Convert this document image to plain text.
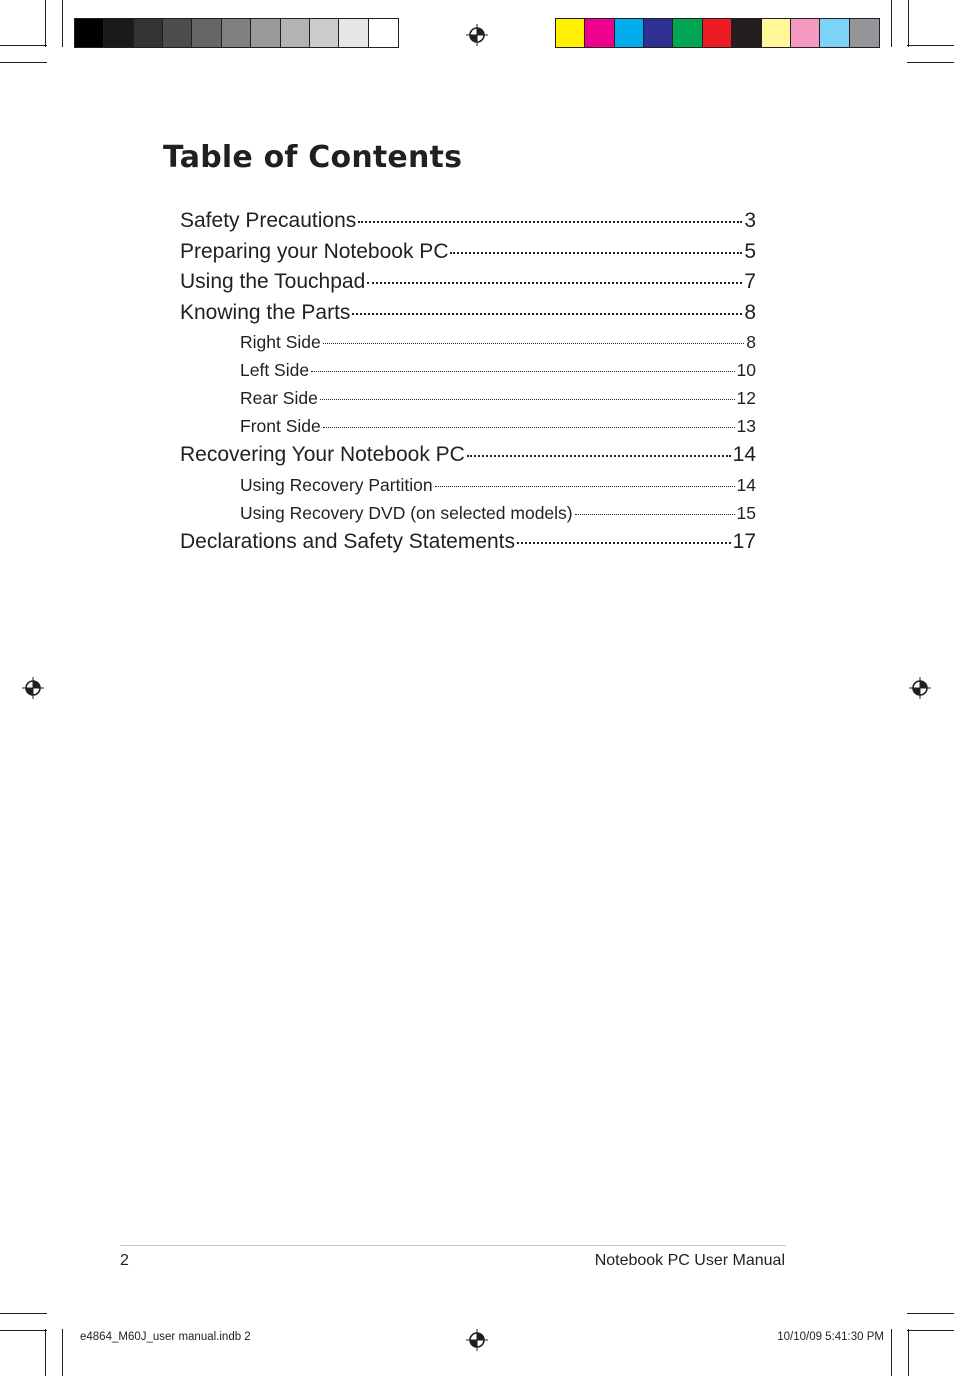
Table of Contents
Safety Precautions	3
Preparing your Notebook PC	5
Using the Touchpad	7
Knowing the Parts	8
Right Side	8
Left Side	10
Rear Side	12
Front Side	13
Recovering Your Notebook PC	14
Using Recovery Partition	14
Using Recovery DVD (on selected models)	15
Declarations and Safety Statements	17
2	Notebook PC User Manual
e4864_M60J_user manual.indb 2	10/10/09 5:41:30 PM
